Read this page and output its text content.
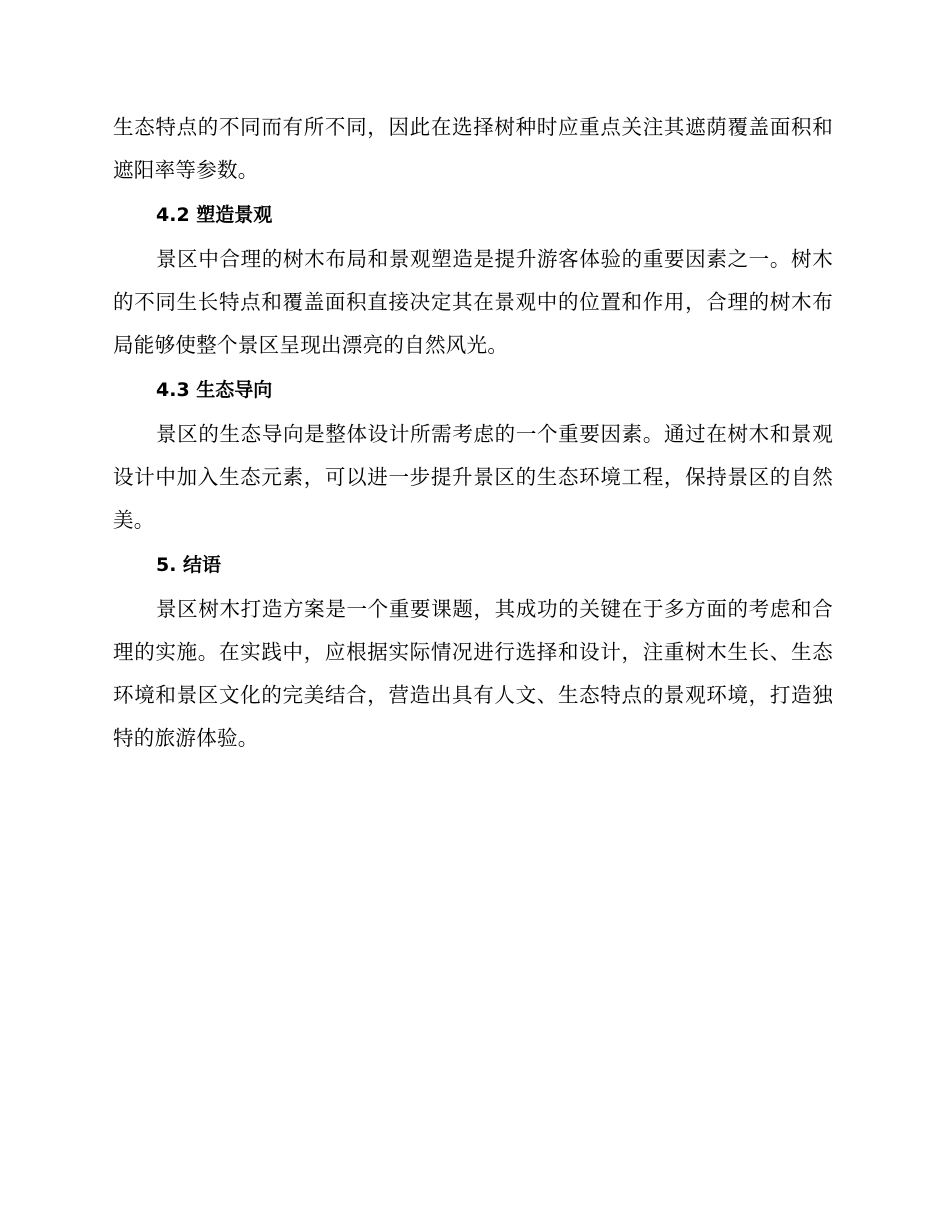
生态特点的不同而有所不同，因此在选择树种时应重点关注其遮荫覆盖面积和遮阳率等参数。

4.2 塑造景观

景区中合理的树木布局和景观塑造是提升游客体验的重要因素之一。树木的不同生长特点和覆盖面积直接决定其在景观中的位置和作用，合理的树木布局能够使整个景区呈现出漂亮的自然风光。

4.3 生态导向

景区的生态导向是整体设计所需考虑的一个重要因素。通过在树木和景观设计中加入生态元素，可以进一步提升景区的生态环境工程，保持景区的自然美。

5. 结语

景区树木打造方案是一个重要课题，其成功的关键在于多方面的考虑和合理的实施。在实践中，应根据实际情况进行选择和设计，注重树木生长、生态环境和景区文化的完美结合，营造出具有人文、生态特点的景观环境，打造独特的旅游体验。
